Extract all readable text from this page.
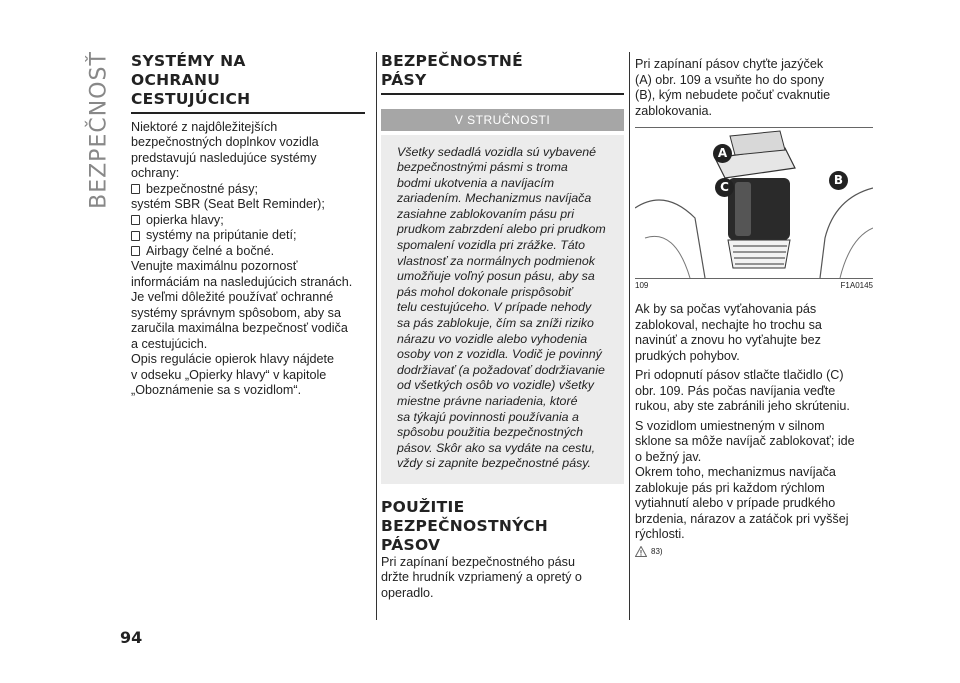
BEZPEČNOSŤ SYSTÉMY NA
OCHRANU
CESTUJÚCICH

Niektoré z najdôležitejších

bezpečnostných doplnkov vozidla

predstavujú nasledujúce systémy

ochrany:

bezpečnostné pásy;
systém SBR (Seat Belt Reminder);
opierka hlavy;
systémy na pripútanie detí;
Airbagy čelné a bočné.

Venujte maximálnu pozornosť

informáciám na nasledujúcich stranách.

Je veľmi dôležité používať ochranné

systémy správnym spôsobom, aby sa

zaručila maximálna bezpečnosť vodiča

a cestujúcich.

Opis regulácie opierok hlavy nájdete

v odseku „Opierky hlavy“ v kapitole

„Oboznámenie sa s vozidlom“.

BEZPEČNOSTNÉ
PÁSY
V STRUČNOSTI

Všetky sedadlá vozidla sú vybavené

bezpečnostnými pásmi s troma

bodmi ukotvenia a navíjacím

zariadením. Mechanizmus navíjača

zasiahne zablokovaním pásu pri

prudkom zabrzdení alebo pri prudkom

spomalení vozidla pri zrážke. Táto

vlastnosť za normálnych podmienok

umožňuje voľný posun pásu, aby sa

pás mohol dokonale prispôsobiť

telu cestujúceho. V prípade nehody

sa pás zablokuje, čím sa zníži riziko

nárazu vo vozidle alebo vyhodenia

osoby von z vozidla. Vodič je povinný

dodržiavať (a požadovať dodržiavanie

od všetkých osôb vo vozidle) všetky

miestne právne nariadenia, ktoré

sa týkajú povinnosti používania a

spôsobu použitia bezpečnostných

pásov. Skôr ako sa vydáte na cestu,

vždy si zapnite bezpečnostné pásy.

POUŽITIE
BEZPEČNOSTNÝCH
PÁSOV

Pri zapínaní bezpečnostného pásu

držte hrudník vzpriamený a opretý o

operadlo.

Pri zapínaní pásov chyťte jazýček

(A) obr. 109 a vsuňte ho do spony

(B), kým nebudete počuť cvaknutie

zablokovania.

A
B
C
109	F1A0145

Ak by sa počas vyťahovania pás

zablokoval, nechajte ho trochu sa

navinúť a znovu ho vyťahujte bez

prudkých pohybov.

Pri odopnutí pásov stlačte tlačidlo (C)

obr. 109. Pás počas navíjania veďte

rukou, aby ste zabránili jeho skrúteniu.

S vozidlom umiestneným v silnom

sklone sa môže navíjač zablokovať; ide

o bežný jav.

Okrem toho, mechanizmus navíjača

zablokuje pás pri každom rýchlom

vytiahnutí alebo v prípade prudkého

brzdenia, nárazov a zatáčok pri vyššej

rýchlosti.

83)
94
